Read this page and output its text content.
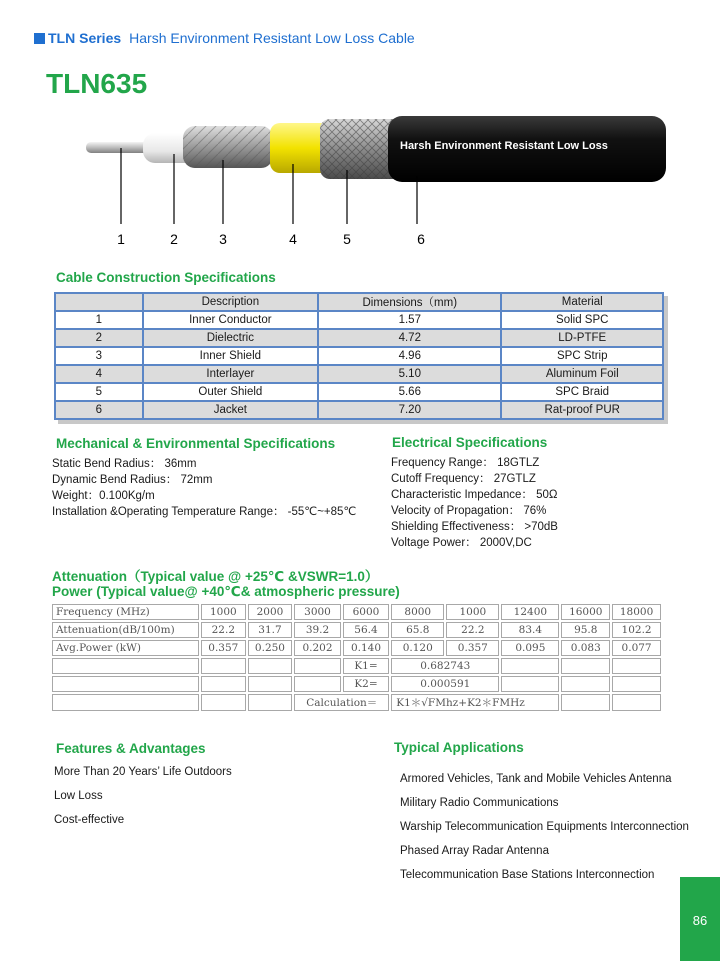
TLN Series Harsh Environment Resistant Low Loss Cable
TLN635
Harsh Environment Resistant Low Loss
1	2	3	4	5	6
Cable Construction Specifications
	Description	Dimensions（mm)	Material
1	Inner Conductor	1.57	Solid SPC
2	Dielectric	4.72	LD-PTFE
3	Inner Shield	4.96	SPC Strip
4	Interlayer	5.10	Aluminum Foil
5	Outer Shield	5.66	SPC Braid
6	Jacket	7.20	Rat-proof PUR
Mechanical & Environmental Specifications
Static Bend Radius： 36mm
Dynamic Bend Radius： 72mm
Weight：0.100Kg/m
Installation &Operating Temperature Range： -55℃~+85℃
Electrical Specifications
Frequency Range： 18GTLZ
Cutoff Frequency： 27GTLZ
Characteristic Impedance： 50Ω
Velocity of Propagation： 76%
Shielding Effectiveness： >70dB
Voltage Power： 2000V,DC
Attenuation（Typical value @ +25℃ &VSWR=1.0）
Power (Typical value@ +40℃& atmospheric pressure)
Frequency (MHz)	1000	2000	3000	6000	8000	1000	12400	16000	18000
Attenuation(dB/100m)	22.2	31.7	39.2	56.4	65.8	22.2	83.4	95.8	102.2
Avg.Power (kW)	0.357	0.250	0.202	0.140	0.120	0.357	0.095	0.083	0.077
				K1=	0.682743				
				K2=	0.000591				
			Calculation＝		K1＊√FMhz+K2＊FMHz				
Features & Advantages
More Than 20 Years’ Life Outdoors
Low Loss
Cost-effective
Typical Applications
Armored Vehicles, Tank and Mobile Vehicles Antenna
Military Radio Communications
Warship Telecommunication Equipments Interconnection
Phased Array Radar Antenna
Telecommunication Base Stations Interconnection
86
